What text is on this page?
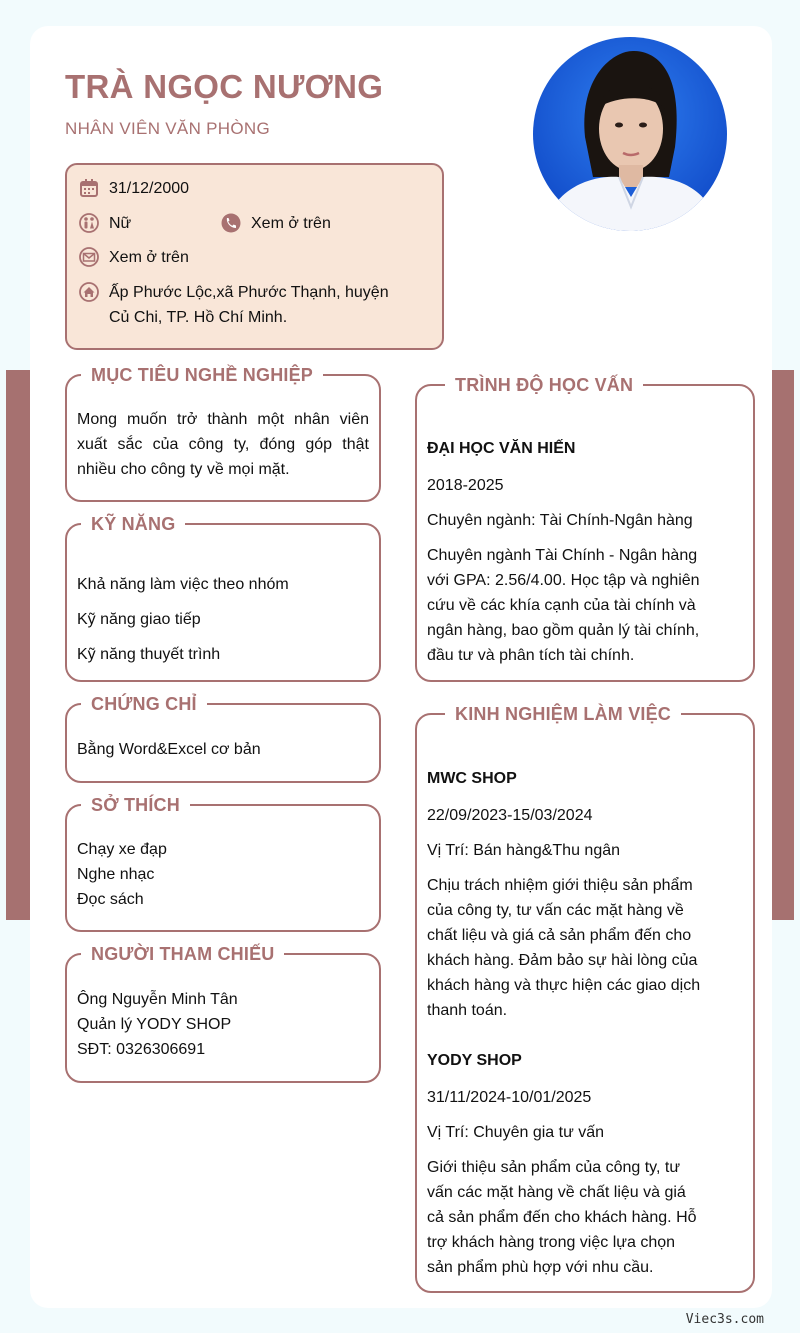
TRÀ NGỌC NƯƠNG
NHÂN VIÊN VĂN PHÒNG
31/12/2000
Nữ	Xem ở trên
Xem ở trên
Ấp Phước Lộc,xã Phước Thạnh, huyện Củ Chi, TP. Hồ Chí Minh.
MỤC TIÊU NGHỀ NGHIỆP
Mong muốn trở thành một nhân viên xuất sắc của công ty, đóng góp thật nhiều cho công ty về mọi mặt.
KỸ NĂNG
Khả năng làm việc theo nhóm
Kỹ năng giao tiếp
Kỹ năng thuyết trình
CHỨNG CHỈ
Bằng Word&Excel cơ bản
SỞ THÍCH
Chạy xe đạp
Nghe nhạc
Đọc sách
NGƯỜI THAM CHIẾU
Ông Nguyễn Minh Tân
Quản lý YODY SHOP
SĐT: 0326306691
TRÌNH ĐỘ HỌC VẤN
ĐẠI HỌC VĂN HIẾN
2018-2025
Chuyên ngành: Tài Chính-Ngân hàng
Chuyên ngành Tài Chính - Ngân hàng
với GPA: 2.56/4.00. Học tập và nghiên
cứu về các khía cạnh của tài chính và
ngân hàng, bao gồm quản lý tài chính,
đầu tư và phân tích tài chính.
KINH NGHIỆM LÀM VIỆC
MWC SHOP
22/09/2023-15/03/2024
Vị Trí: Bán hàng&Thu ngân
Chịu trách nhiệm giới thiệu sản phẩm
của công ty, tư vấn các mặt hàng về
chất liệu và giá cả sản phẩm đến cho
khách hàng. Đảm bảo sự hài lòng của
khách hàng và thực hiện các giao dịch
thanh toán.
YODY SHOP
31/11/2024-10/01/2025
Vị Trí: Chuyên gia tư vấn
Giới thiệu sản phẩm của công ty, tư
vấn các mặt hàng về chất liệu và giá
cả sản phẩm đến cho khách hàng. Hỗ
trợ khách hàng trong việc lựa chọn
sản phẩm phù hợp với nhu cầu.
Viec3s.com
